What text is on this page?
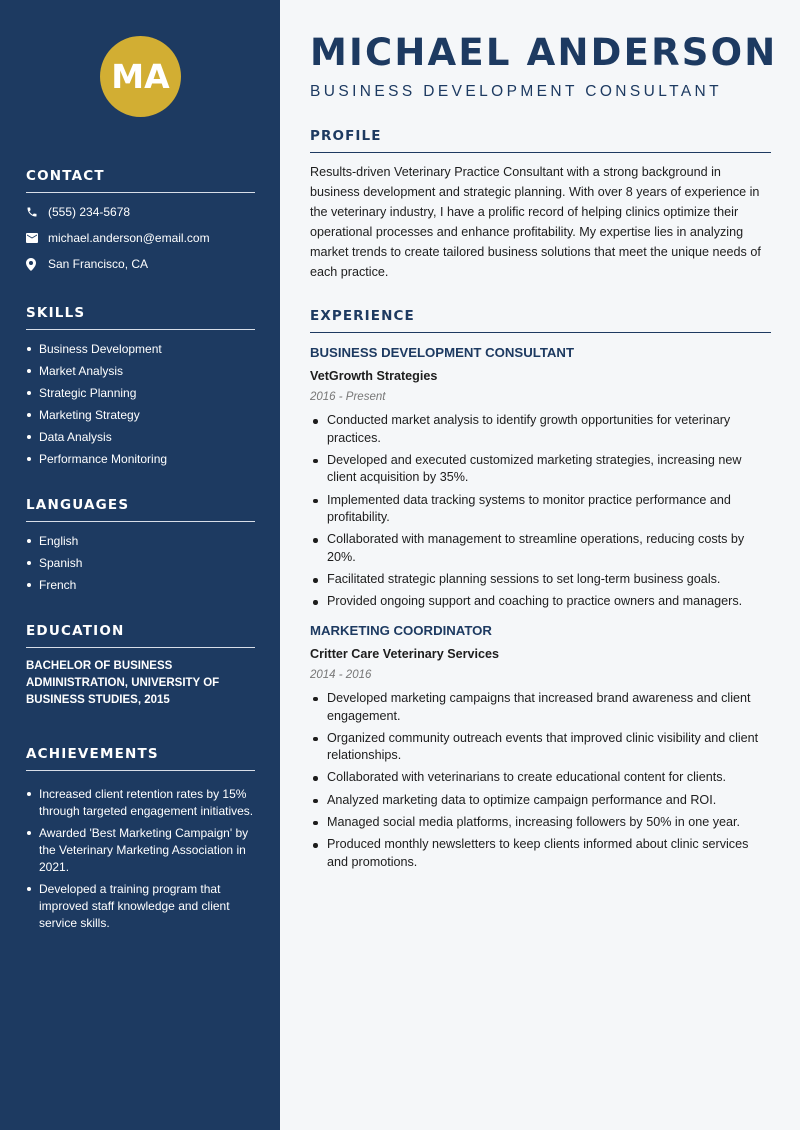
MA
CONTACT
(555) 234-5678
michael.anderson@email.com
San Francisco, CA
SKILLS
Business Development
Market Analysis
Strategic Planning
Marketing Strategy
Data Analysis
Performance Monitoring
LANGUAGES
English
Spanish
French
EDUCATION
BACHELOR OF BUSINESS ADMINISTRATION, UNIVERSITY OF BUSINESS STUDIES, 2015
ACHIEVEMENTS
Increased client retention rates by 15% through targeted engagement initiatives.
Awarded 'Best Marketing Campaign' by the Veterinary Marketing Association in 2021.
Developed a training program that improved staff knowledge and client service skills.
MICHAEL ANDERSON
BUSINESS DEVELOPMENT CONSULTANT
PROFILE

Results-driven Veterinary Practice Consultant with a strong background in business development and strategic planning. With over 8 years of experience in the veterinary industry, I have a prolific record of helping clinics optimize their operational processes and enhance profitability. My expertise lies in analyzing market trends to create tailored business solutions that meet the unique needs of each practice.

EXPERIENCE
BUSINESS DEVELOPMENT CONSULTANT
VetGrowth Strategies
2016 - Present
Conducted market analysis to identify growth opportunities for veterinary practices.
Developed and executed customized marketing strategies, increasing new client acquisition by 35%.
Implemented data tracking systems to monitor practice performance and profitability.
Collaborated with management to streamline operations, reducing costs by 20%.
Facilitated strategic planning sessions to set long-term business goals.
Provided ongoing support and coaching to practice owners and managers.
MARKETING COORDINATOR
Critter Care Veterinary Services
2014 - 2016
Developed marketing campaigns that increased brand awareness and client engagement.
Organized community outreach events that improved clinic visibility and client relationships.
Collaborated with veterinarians to create educational content for clients.
Analyzed marketing data to optimize campaign performance and ROI.
Managed social media platforms, increasing followers by 50% in one year.
Produced monthly newsletters to keep clients informed about clinic services and promotions.
